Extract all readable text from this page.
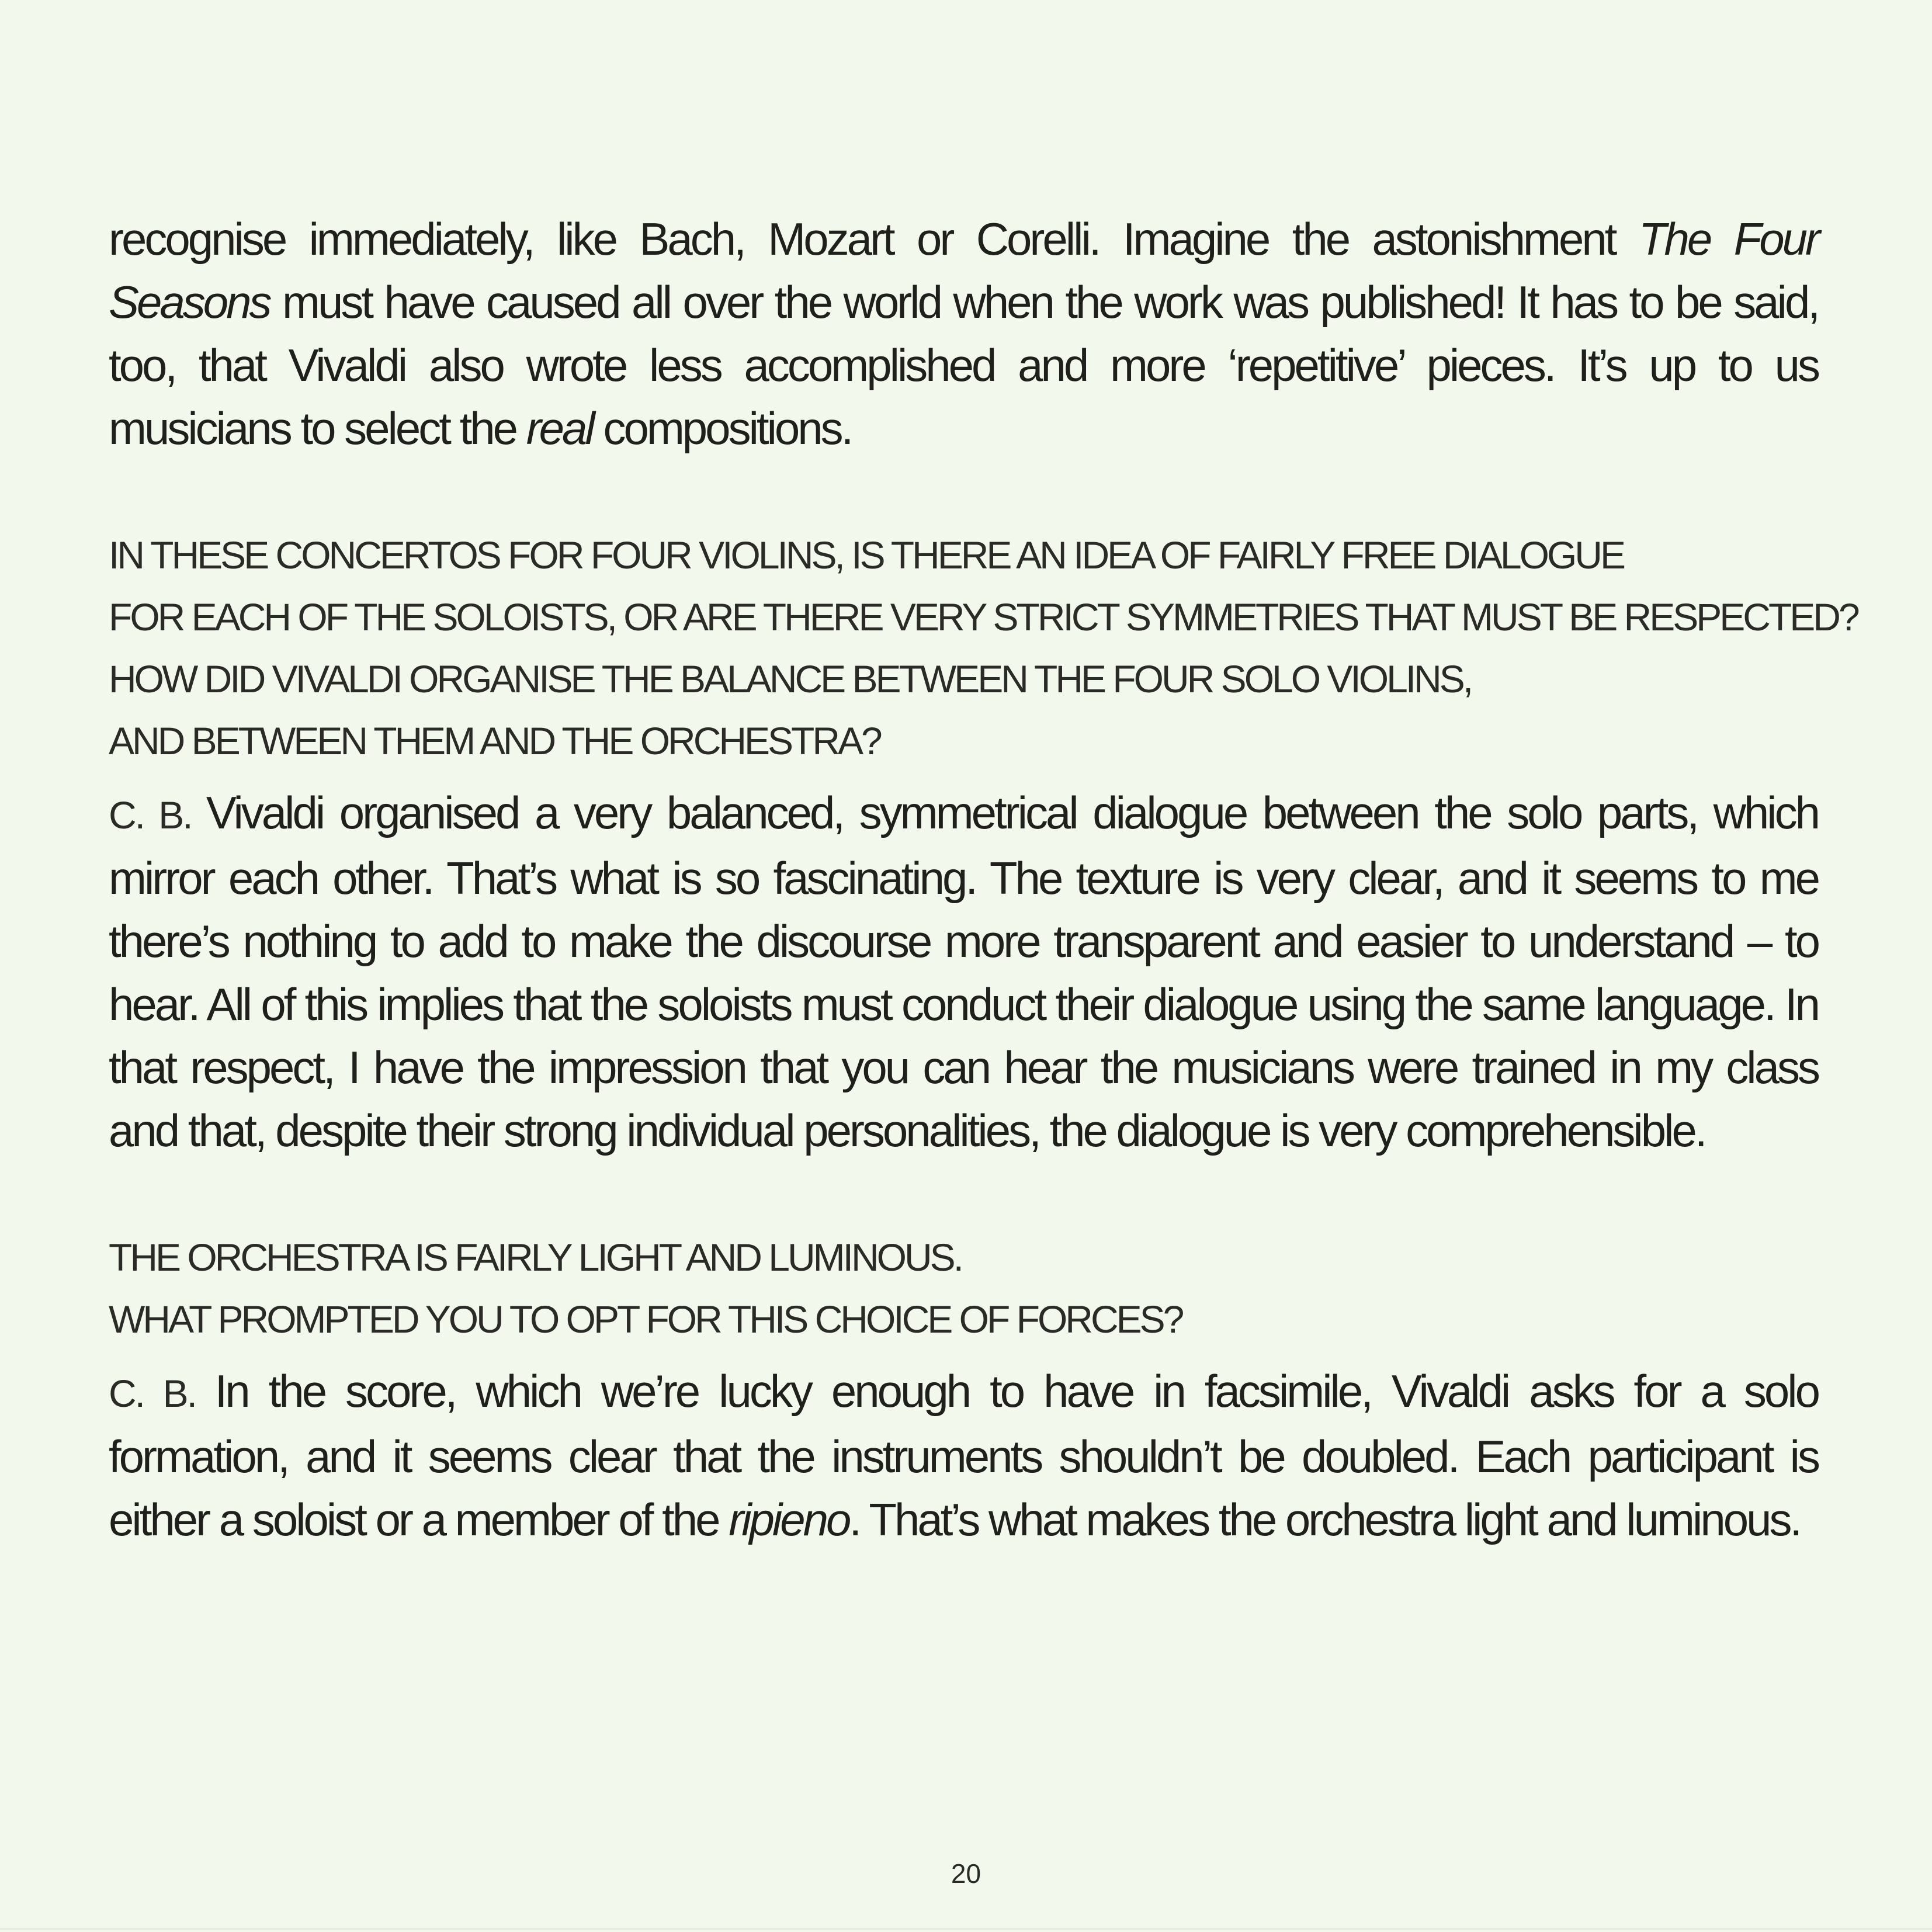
recognise immediately, like Bach, Mozart or Corelli. Imagine the astonishment The Four Seasons must have caused all over the world when the work was published! It has to be said, too, that Vivaldi also wrote less accomplished and more ‘repetitive’ pieces. It’s up to us musicians to select the real compositions.

IN THESE CONCERTOS FOR FOUR VIOLINS, IS THERE AN IDEA OF FAIRLY FREE DIALOGUE

FOR EACH OF THE SOLOISTS, OR ARE THERE VERY STRICT SYMMETRIES THAT MUST BE RESPECTED?

HOW DID VIVALDI ORGANISE THE BALANCE BETWEEN THE FOUR SOLO VIOLINS,

AND BETWEEN THEM AND THE ORCHESTRA?

C. B. Vivaldi organised a very balanced, symmetrical dialogue between the solo parts, which mirror each other. That’s what is so fascinating. The texture is very clear, and it seems to me there’s nothing to add to make the discourse more transparent and easier to understand – to hear. All of this implies that the soloists must conduct their dialogue using the same language. In that respect, I have the impression that you can hear the musicians were trained in my class and that, despite their strong individual personalities, the dialogue is very comprehensible.

THE ORCHESTRA IS FAIRLY LIGHT AND LUMINOUS.

WHAT PROMPTED YOU TO OPT FOR THIS CHOICE OF FORCES?

C. B. In the score, which we’re lucky enough to have in facsimile, Vivaldi asks for a solo formation, and it seems clear that the instruments shouldn’t be doubled. Each participant is either a soloist or a member of the ripieno. That’s what makes the orchestra light and luminous.

20
